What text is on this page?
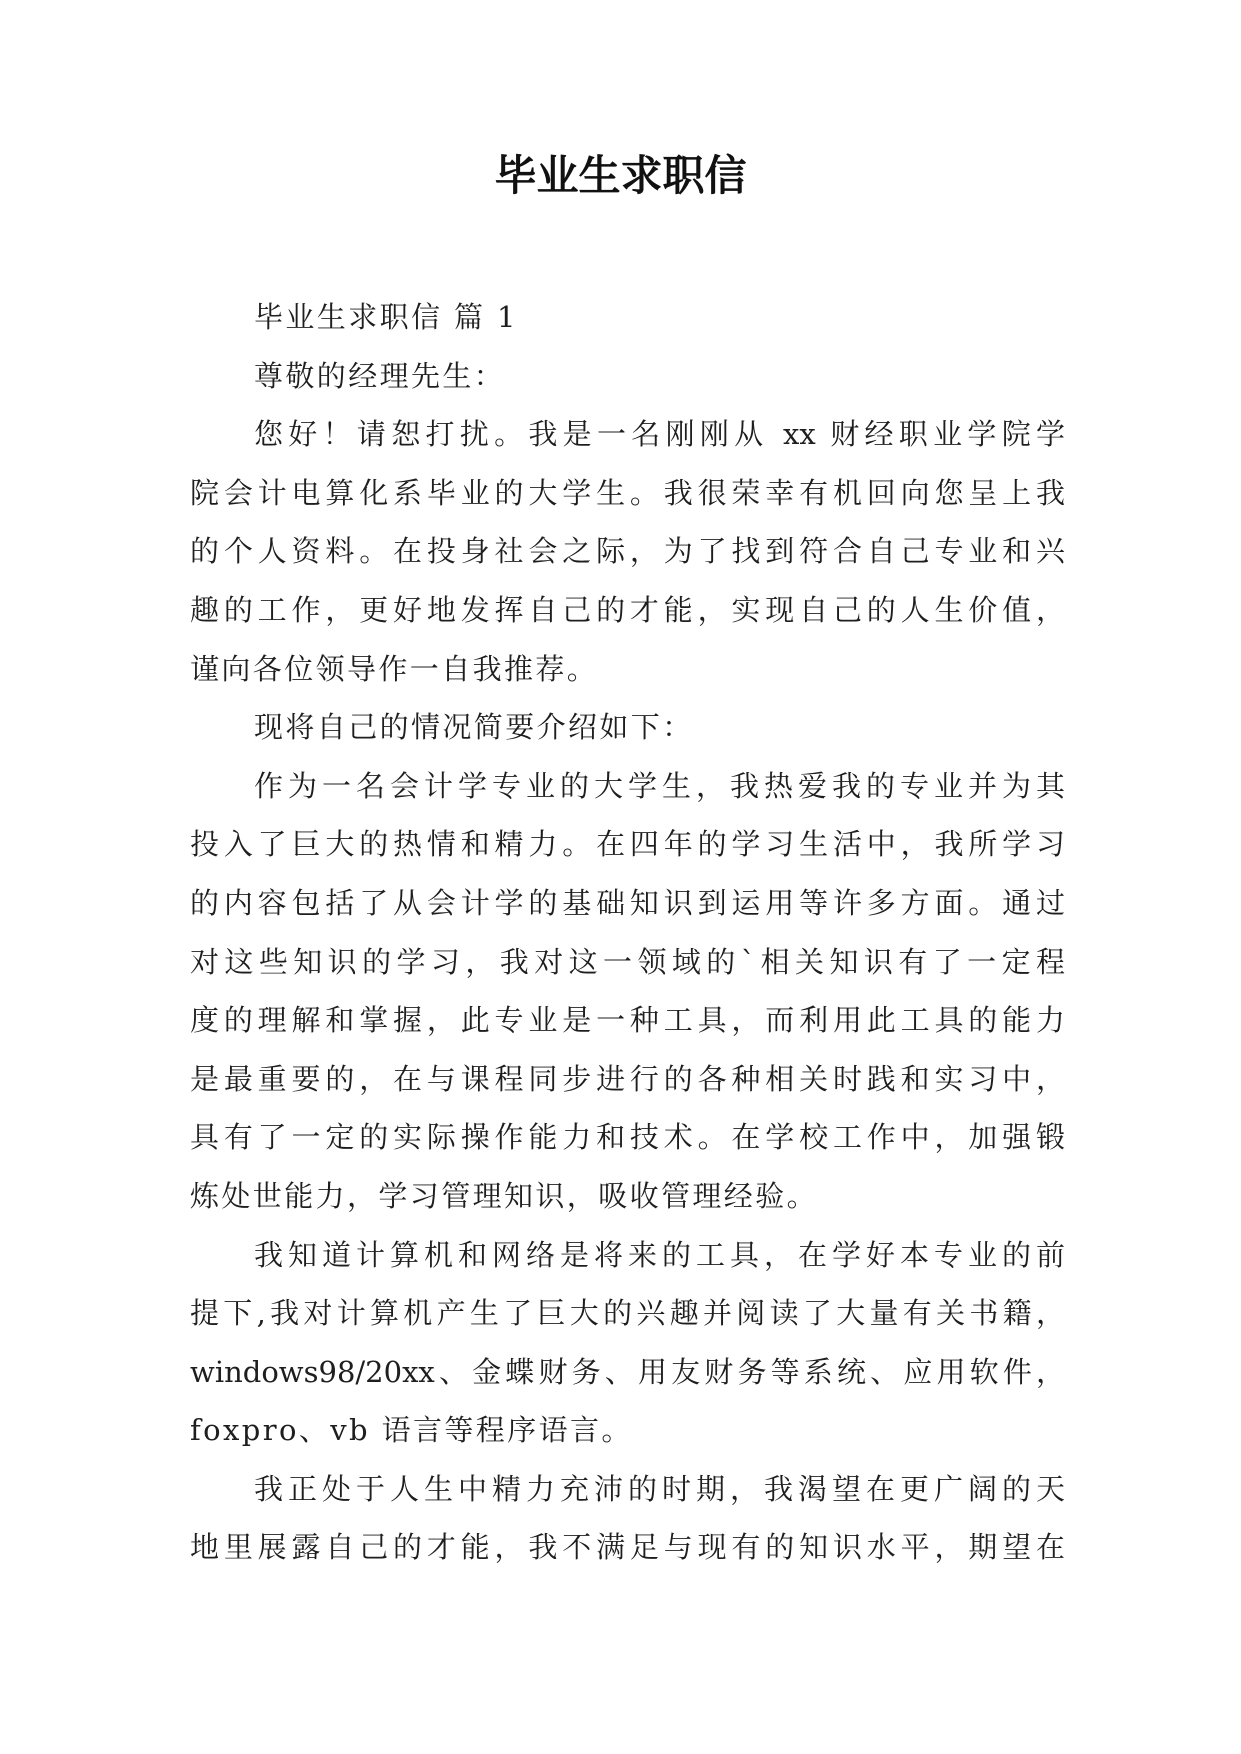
毕业生求职信
毕业生求职信 篇 1
尊敬的经理先生：
您好！请恕打扰。我是一名刚刚从 xx 财经职业学院学
院会计电算化系毕业的大学生。我很荣幸有机回向您呈上我
的个人资料。在投身社会之际，为了找到符合自己专业和兴
趣的工作，更好地发挥自己的才能，实现自己的人生价值，
谨向各位领导作一自我推荐。
现将自己的情况简要介绍如下：
作为一名会计学专业的大学生，我热爱我的专业并为其
投入了巨大的热情和精力。在四年的学习生活中，我所学习
的内容包括了从会计学的基础知识到运用等许多方面。通过
对这些知识的学习，我对这一领域的`相关知识有了一定程
度的理解和掌握，此专业是一种工具，而利用此工具的能力
是最重要的，在与课程同步进行的各种相关时践和实习中，
具有了一定的实际操作能力和技术。在学校工作中，加强锻
炼处世能力，学习管理知识，吸收管理经验。
我知道计算机和网络是将来的工具，在学好本专业的前
提下,我对计算机产生了巨大的兴趣并阅读了大量有关书籍，
windows98/20xx、金蝶财务、用友财务等系统、应用软件，
foxpro、vb 语言等程序语言。
我正处于人生中精力充沛的时期，我渴望在更广阔的天
地里展露自己的才能，我不满足与现有的知识水平，期望在
